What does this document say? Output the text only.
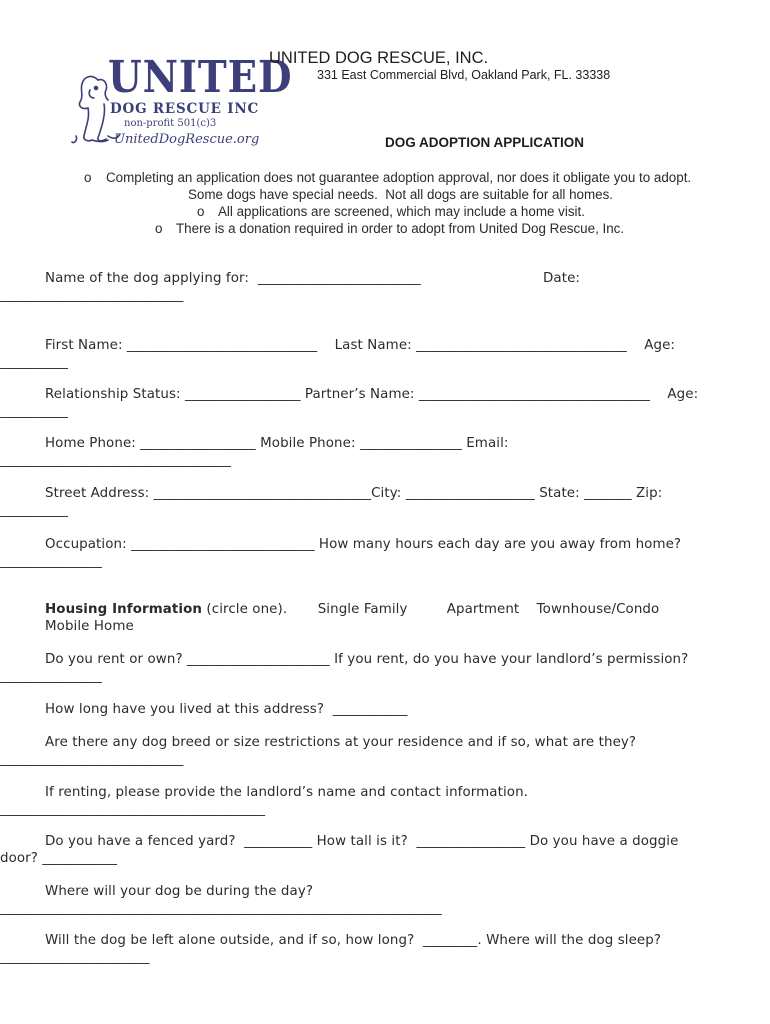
UNITED

DOG RESCUE INC

non-profit 501(c)3

UnitedDogRescue.org

UNITED DOG RESCUE, INC.
331 East Commercial Blvd, Oakland Park, FL. 33338
DOG ADOPTION APPLICATION
o Completing an application does not guarantee adoption approval, nor does it obligate you to adopt.
Some dogs have special needs.  Not all dogs are suitable for all homes.
o All applications are screened, which may include a home visit.
o There is a donation required in order to adopt from United Dog Rescue, Inc.
Name of the dog applying for:  ________________________	Date:
___________________________
First Name: ____________________________    Last Name: _______________________________    Age:
__________
Relationship Status: _________________ Partner’s Name: __________________________________    Age:
__________
Home Phone: _________________ Mobile Phone: _______________ Email:
__________________________________
Street Address: ________________________________City: ___________________ State: _______ Zip:
__________
Occupation: ___________________________ How many hours each day are you away from home?
_______________
Housing Information (circle one).       Single Family         Apartment    Townhouse/Condo
Mobile Home
Do you rent or own? _____________________ If you rent, do you have your landlord’s permission?
_______________
How long have you lived at this address?  ___________
Are there any dog breed or size restrictions at your residence and if so, what are they?
___________________________
If renting, please provide the landlord’s name and contact information.
_______________________________________
Do you have a fenced yard?  __________ How tall is it?  ________________ Do you have a doggie
door? ___________
Where will your dog be during the day?
_________________________________________________________________
Will the dog be left alone outside, and if so, how long?  ________. Where will the dog sleep?
______________________
